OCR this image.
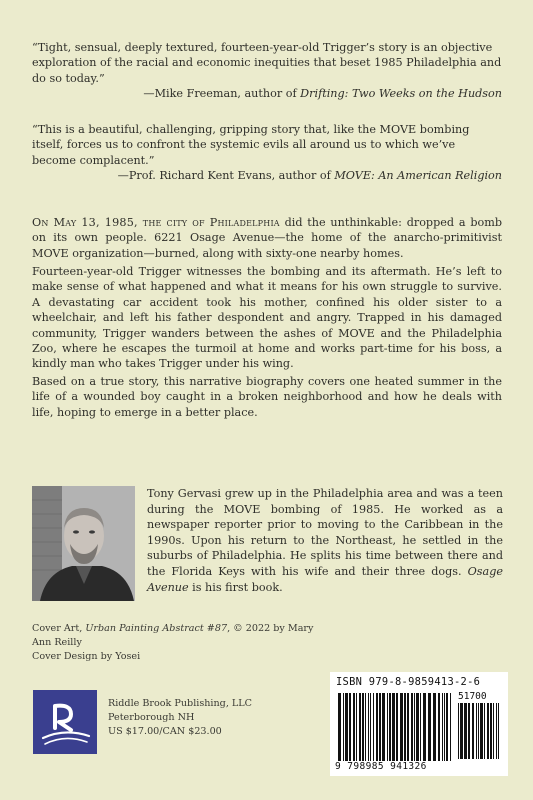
“Tight, sensual, deeply textured, fourteen-year-old Trigger’s story is an objective exploration of the racial and economic inequities that beset 1985 Philadelphia and do so today.”

—Mike Freeman, author of Drifting: Two Weeks on the Hudson

“This is a beautiful, challenging, gripping story that, like the MOVE bombing itself, forces us to confront the systemic evils all around us to which we’ve become complacent.”

—Prof. Richard Kent Evans, author of MOVE: An American Religion

On May 13, 1985, the city of Philadelphia did the unthinkable: dropped a bomb on its own people. 6221 Osage Avenue—the home of the anarcho-primitivist MOVE organization—burned, along with sixty-one nearby homes.

Fourteen-year-old Trigger witnesses the bombing and its aftermath. He’s left to make sense of what happened and what it means for his own struggle to survive. A devastating car accident took his mother, confined his older sister to a wheelchair, and left his father despondent and angry. Trapped in his damaged community, Trigger wanders between the ashes of MOVE and the Philadelphia Zoo, where he escapes the turmoil at home and works part-time for his boss, a kindly man who takes Trigger under his wing.

Based on a true story, this narrative biography covers one heated summer in the life of a wounded boy caught in a broken neighborhood and how he deals with life, hoping to emerge in a better place.

Tony Gervasi grew up in the Philadelphia area and was a teen during the MOVE bombing of 1985. He worked as a newspaper reporter prior to moving to the Caribbean in the 1990s. Upon his return to the Northeast, he settled in the suburbs of Philadelphia. He splits his time between there and the Florida Keys with his wife and their three dogs. Osage Avenue is his first book.

Cover Art, Urban Painting Abstract #87, © 2022 by Mary Ann Reilly

Cover Design by Yosei

Riddle Brook Publishing, LLC

Peterborough NH

US $17.00/CAN $23.00

ISBN 979-8-9859413-2-6
51700
9 798985 941326
